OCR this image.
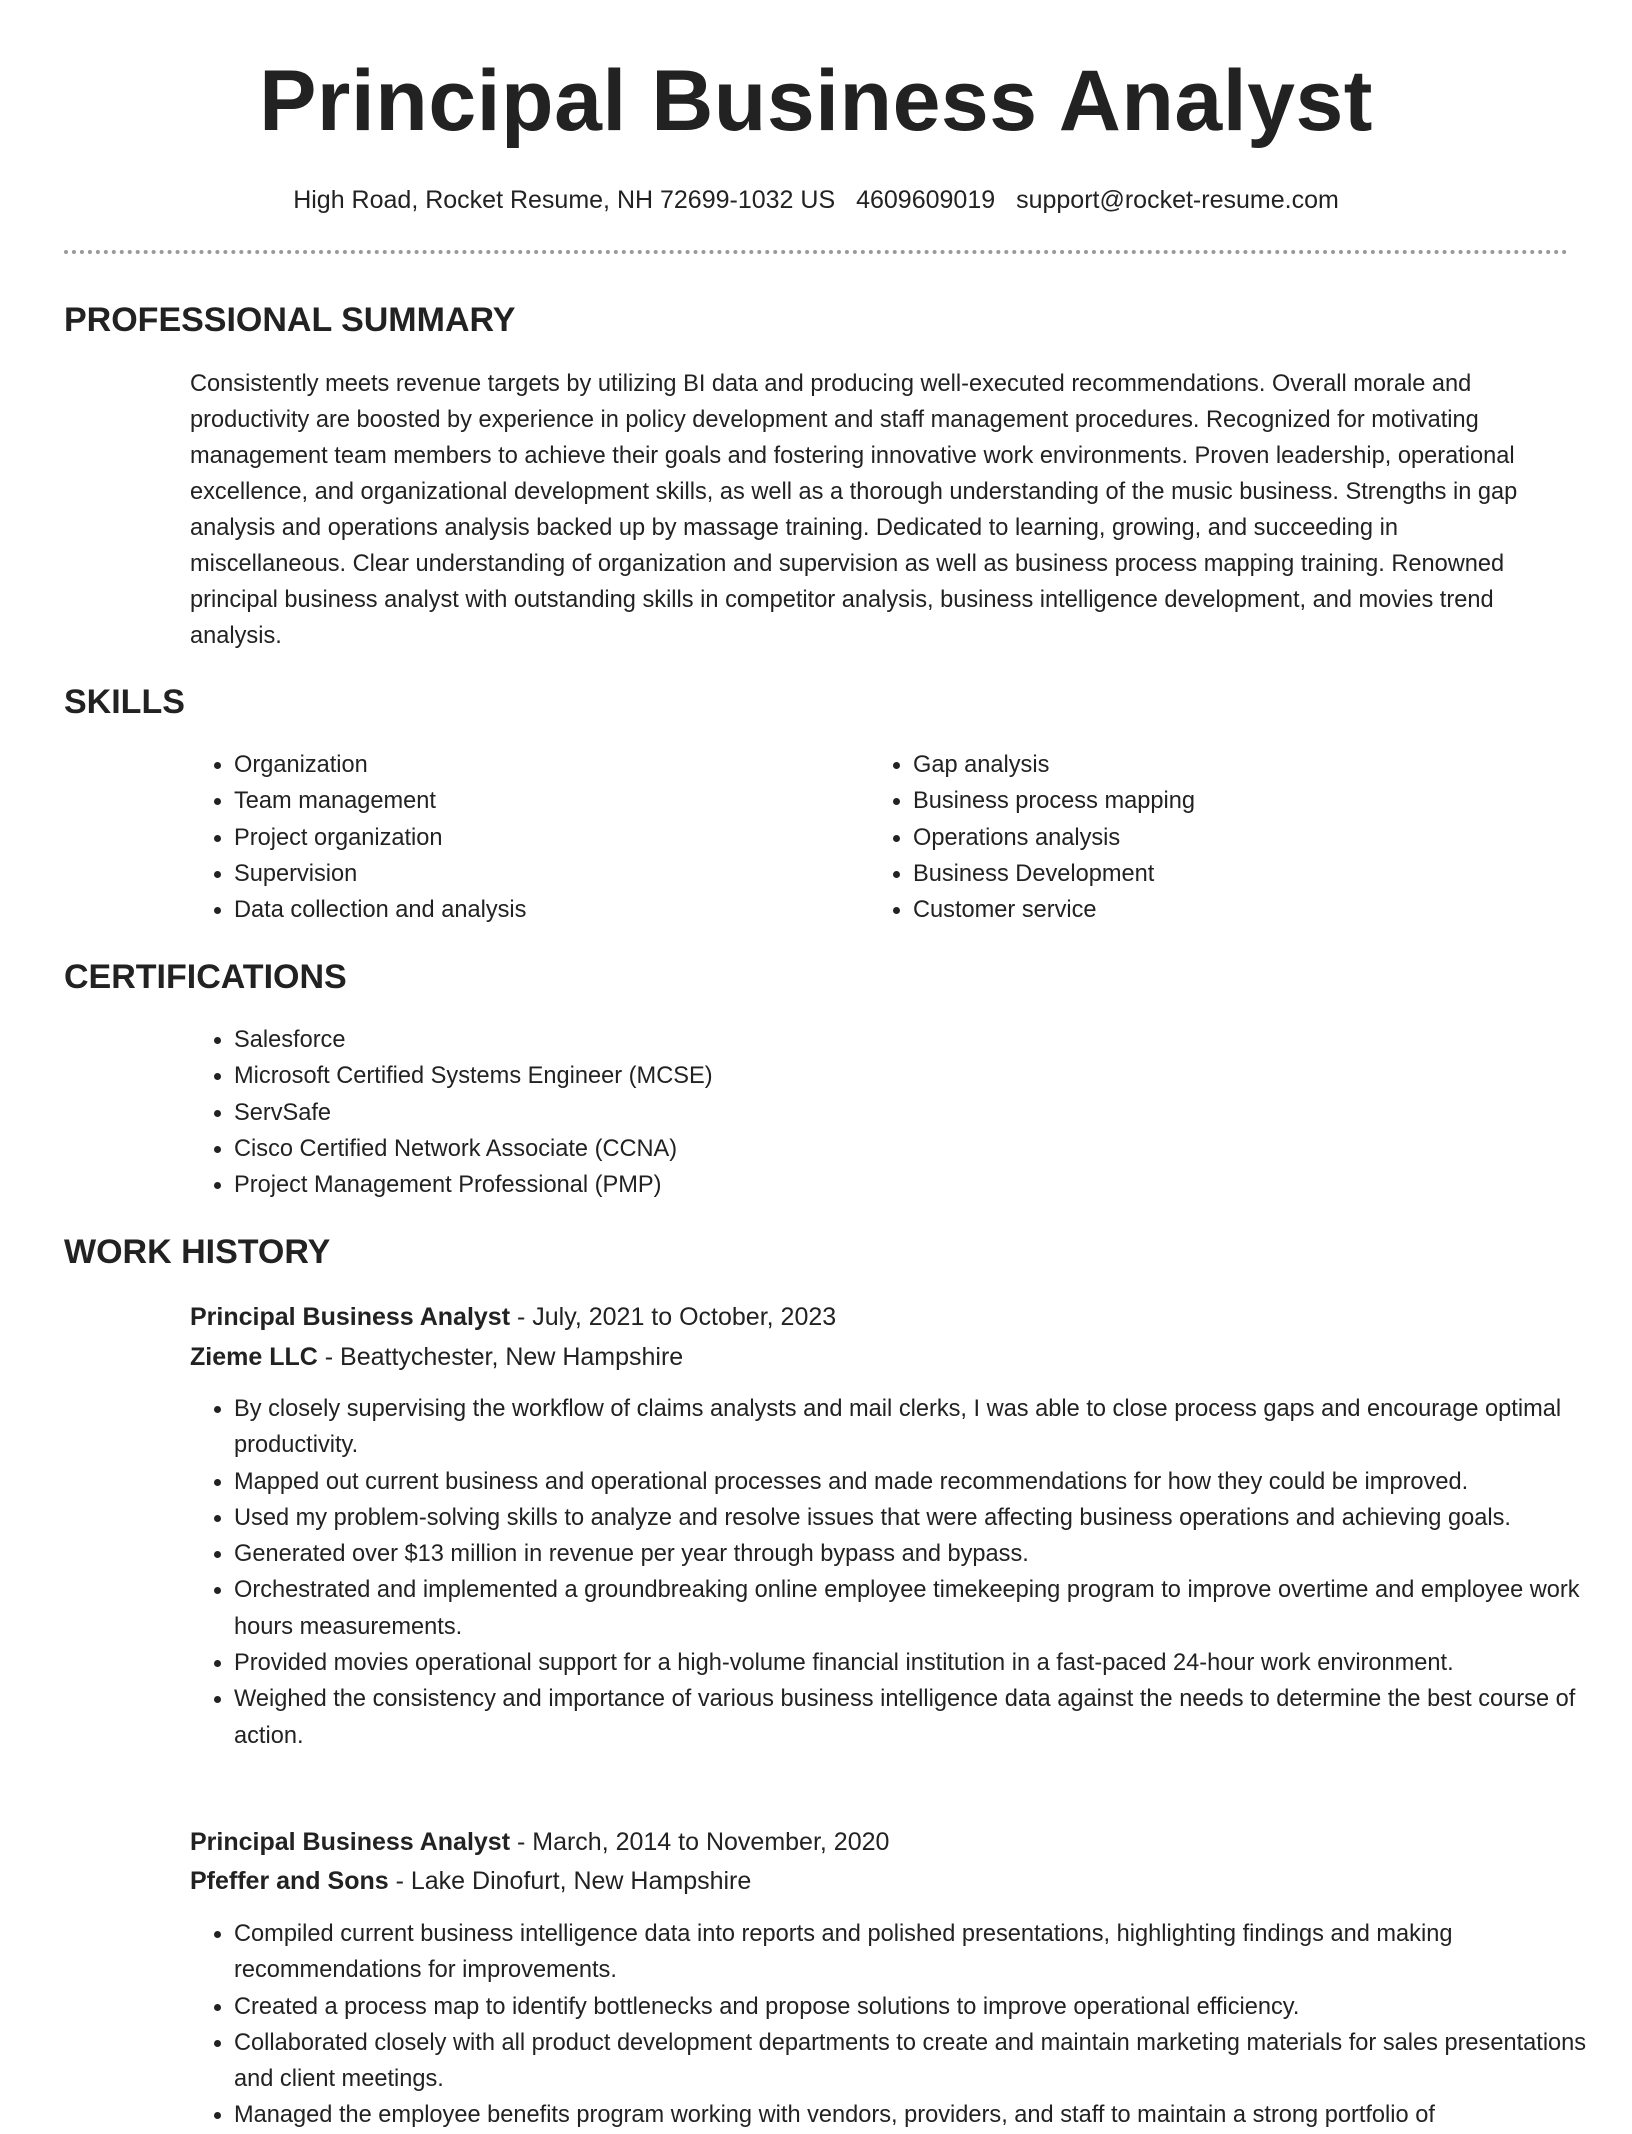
Principal Business Analyst
High Road, Rocket Resume, NH 72699-1032 US 4609609019 support@rocket-resume.com
PROFESSIONAL SUMMARY

Consistently meets revenue targets by utilizing BI data and producing well-executed recommendations. Overall morale and productivity are boosted by experience in policy development and staff management procedures. Recognized for motivating management team members to achieve their goals and fostering innovative work environments. Proven leadership, operational excellence, and organizational development skills, as well as a thorough understanding of the music business. Strengths in gap analysis and operations analysis backed up by massage training. Dedicated to learning, growing, and succeeding in miscellaneous. Clear understanding of organization and supervision as well as business process mapping training. Renowned principal business analyst with outstanding skills in competitor analysis, business intelligence development, and movies trend analysis.

SKILLS
• Organization
• Team management
• Project organization
• Supervision
• Data collection and analysis
• Gap analysis
• Business process mapping
• Operations analysis
• Business Development
• Customer service
CERTIFICATIONS
• Salesforce
• Microsoft Certified Systems Engineer (MCSE)
• ServSafe
• Cisco Certified Network Associate (CCNA)
• Project Management Professional (PMP)
WORK HISTORY
Principal Business Analyst - July, 2021 to October, 2023
Zieme LLC - Beattychester, New Hampshire
• By closely supervising the workflow of claims analysts and mail clerks, I was able to close process gaps and encourage optimal productivity.
• Mapped out current business and operational processes and made recommendations for how they could be improved.
• Used my problem-solving skills to analyze and resolve issues that were affecting business operations and achieving goals.
• Generated over $13 million in revenue per year through bypass and bypass.
• Orchestrated and implemented a groundbreaking online employee timekeeping program to improve overtime and employee work hours measurements.
• Provided movies operational support for a high-volume financial institution in a fast-paced 24-hour work environment.
• Weighed the consistency and importance of various business intelligence data against the needs to determine the best course of action.
Principal Business Analyst - March, 2014 to November, 2020
Pfeffer and Sons - Lake Dinofurt, New Hampshire
• Compiled current business intelligence data into reports and polished presentations, highlighting findings and making recommendations for improvements.
• Created a process map to identify bottlenecks and propose solutions to improve operational efficiency.
• Collaborated closely with all product development departments to create and maintain marketing materials for sales presentations and client meetings.
• Managed the employee benefits program working with vendors, providers, and staff to maintain a strong portfolio of
